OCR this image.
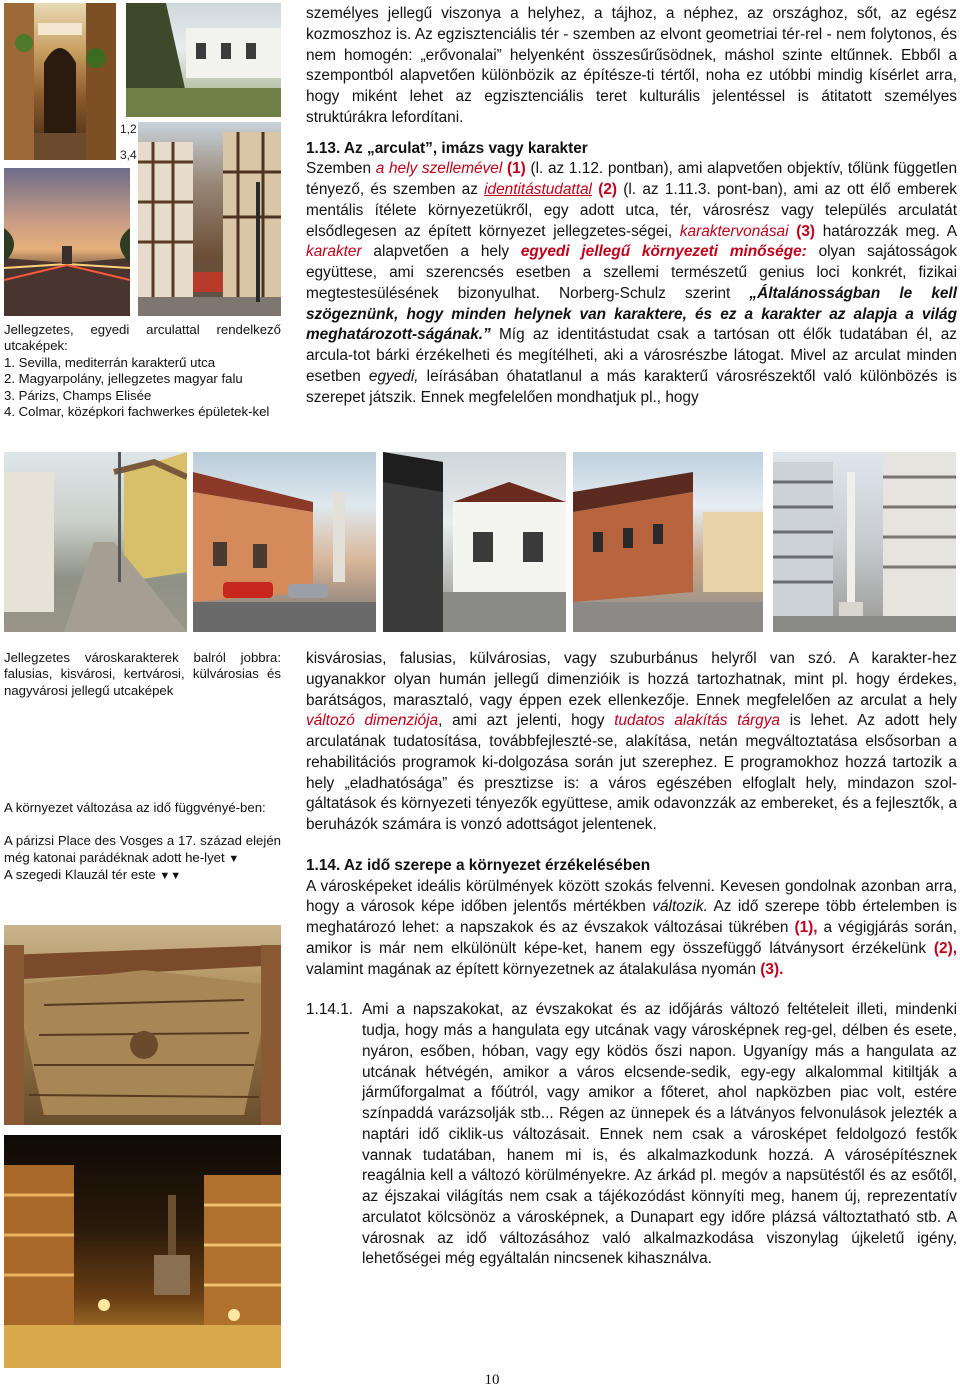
1,2
3,4
Jellegzetes, egyedi arculattal rendelkező utcaképek:
1. Sevilla, mediterrán karakterű utca
2. Magyarpolány, jellegzetes magyar falu
3. Párizs, Champs Elisée
4. Colmar, középkori fachwerkes épületek-kel

személyes jellegű viszonya a helyhez, a tájhoz, a néphez, az országhoz, sőt, az egész kozmoszhoz is. Az egzisztenciális tér - szemben az elvont geometriai tér-rel - nem folytonos, és nem homogén: „erővonalai” helyenként összesűrűsödnek, máshol szinte eltűnnek. Ebből a szempontból alapvetően különbözik az építésze-ti tértől, noha ez utóbbi mindig kísérlet arra, hogy miként lehet az egzisztenciális teret kulturális jelentéssel is átitatott személyes struktúrákra lefordítani.

1.13. Az „arculat”, imázs vagy karakter

Szemben a hely szellemével (1) (l. az 1.12. pontban), ami alapvetően objektív, tőlünk független tényező, és szemben az identitástudattal (2) (l. az 1.11.3. pont-ban), ami az ott élő emberek mentális ítélete környezetükről, egy adott utca, tér, városrész vagy település arculatát elsődlegesen az épített környezet jellegzetes-ségei, karaktervonásai (3) határozzák meg. A karakter alapvetően a hely egyedi jellegű környezeti minősége: olyan sajátosságok együttese, ami szerencsés esetben a szellemi természetű genius loci konkrét, fizikai megtestesülésének bizonyulhat. Norberg-Schulz szerint „Általánosságban le kell szögeznünk, hogy minden helynek van karaktere, és ez a karakter az alapja a világ meghatározott-ságának.” Míg az identitástudat csak a tartósan ott élők tudatában él, az arcula-tot bárki érzékelheti és megítélheti, aki a városrészbe látogat. Mivel az arculat minden esetben egyedi, leírásában óhatatlanul a más karakterű városrészektől való különbözés is szerepet játszik. Ennek megfelelően mondhatjuk pl., hogy

Jellegzetes városkarakterek balról jobbra: falusias, kisvárosi, kertvárosi, külvárosias és nagyvárosi jellegű utcaképek
A környezet változása az idő függvényé-ben:
A párizsi Place des Vosges a 17. század elején még katonai parádéknak adott he-lyet ▼
A szegedi Klauzál tér este ▼▼

kisvárosias, falusias, külvárosias, vagy szuburbánus helyről van szó. A karakter-hez ugyanakkor olyan humán jellegű dimenzióik is hozzá tartozhatnak, mint pl. hogy érdekes, barátságos, marasztaló, vagy éppen ezek ellenkezője. Ennek megfelelően az arculat a hely változó dimenziója, ami azt jelenti, hogy tudatos alakítás tárgya is lehet. Az adott hely arculatának tudatosítása, továbbfejleszté-se, alakítása, netán megváltoztatása elsősorban a rehabilitációs programok ki-dolgozása során jut szerephez. E programokhoz hozzá tartozik a hely „eladhatósága” és presztizse is: a város egészében elfoglalt hely, mindazon szol-gáltatások és környezeti tényezők együttese, amik odavonzzák az embereket, és a fejlesztők, a beruházók számára is vonzó adottságot jelentenek.

1.14. Az idő szerepe a környezet érzékelésében

A városképeket ideális körülmények között szokás felvenni. Kevesen gondolnak azonban arra, hogy a városok képe időben jelentős mértékben változik. Az idő szerepe több értelemben is meghatározó lehet: a napszakok és az évszakok változásai tükrében (1), a végigjárás során, amikor is már nem elkülönült képe-ket, hanem egy összefüggő látványsort érzékelünk (2), valamint magának az épített környezetnek az átalakulása nyomán (3).

1.14.1. Ami a napszakokat, az évszakokat és az időjárás változó feltételeit illeti, mindenki tudja, hogy más a hangulata egy utcának vagy városképnek reg-gel, délben és esete, nyáron, esőben, hóban, vagy egy ködös őszi napon. Ugyanígy más a hangulata az utcának hétvégén, amikor a város elcsende-sedik, egy-egy alkalommal kitiltják a járműforgalmat a főútról, vagy amikor a főteret, ahol napközben piac volt, estére színpaddá varázsolják stb... Régen az ünnepek és a látványos felvonulások jelezték a naptári idő ciklik-us változásait. Ennek nem csak a városképet feldolgozó festők vannak tudatában, hanem mi is, és alkalmazkodunk hozzá. A városépítésznek reagálnia kell a változó körülményekre. Az árkád pl. megóv a napsütéstől és az esőtől, az éjszakai világítás nem csak a tájékozódást könnyíti meg, hanem új, reprezentatív arculatot kölcsönöz a városképnek, a Dunapart egy időre plázsá változtatható stb. A városnak az idő változásához való alkalmazkodása viszonylag újkeletű igény, lehetőségei még egyáltalán nincsenek kihasználva.

10
